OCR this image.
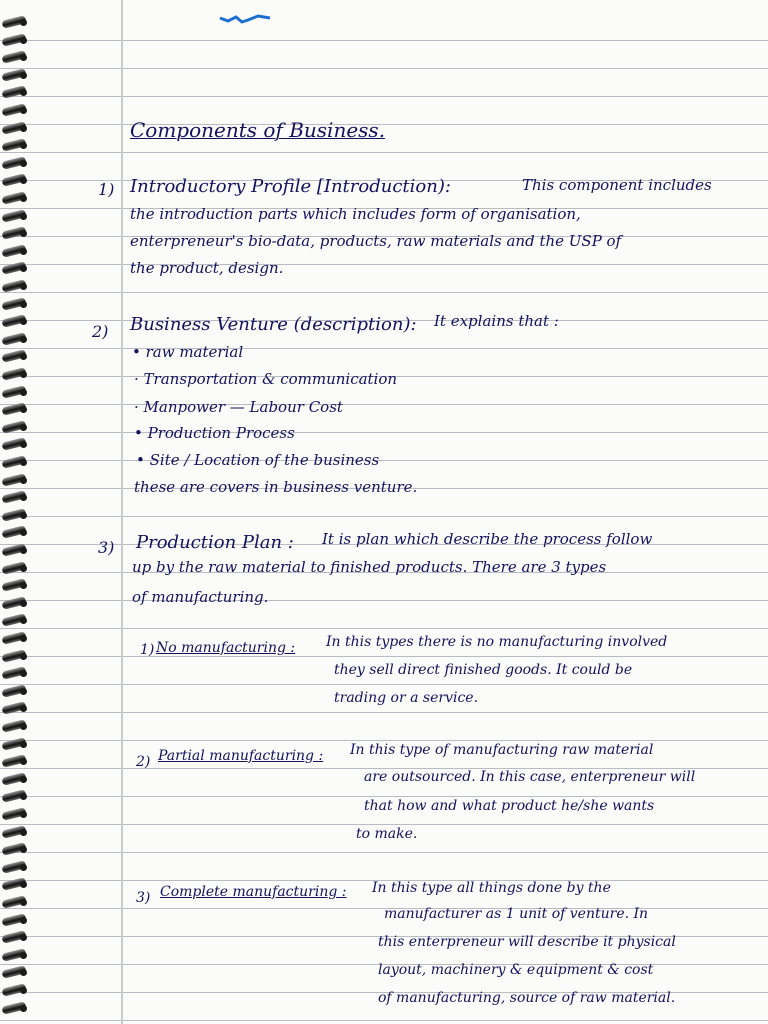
Components of Business.
1) Introductory Profile [Introduction):	This component includes
the introduction parts which includes form of organisation,
enterpreneur's bio-data, products, raw materials and the USP of
the product, design.
2) Business Venture (description): It explains that :
• raw material
· Transportation & communication
· Manpower — Labour Cost
• Production Process
• Site / Location of the business
these are covers in business venture.
3) Production Plan : It is plan which describe the process follow
up by the raw material to finished products. There are 3 types
of manufacturing.
1) No manufacturing : In this types there is no manufacturing involved
they sell direct finished goods. It could be
trading or a service.
2) Partial manufacturing : In this type of manufacturing raw material
are outsourced. In this case, enterpreneur will
that how and what product he/she wants
to make.
3) Complete manufacturing : In this type all things done by the
manufacturer as 1 unit of venture. In
this enterpreneur will describe it physical
layout, machinery & equipment & cost
of manufacturing, source of raw material.
